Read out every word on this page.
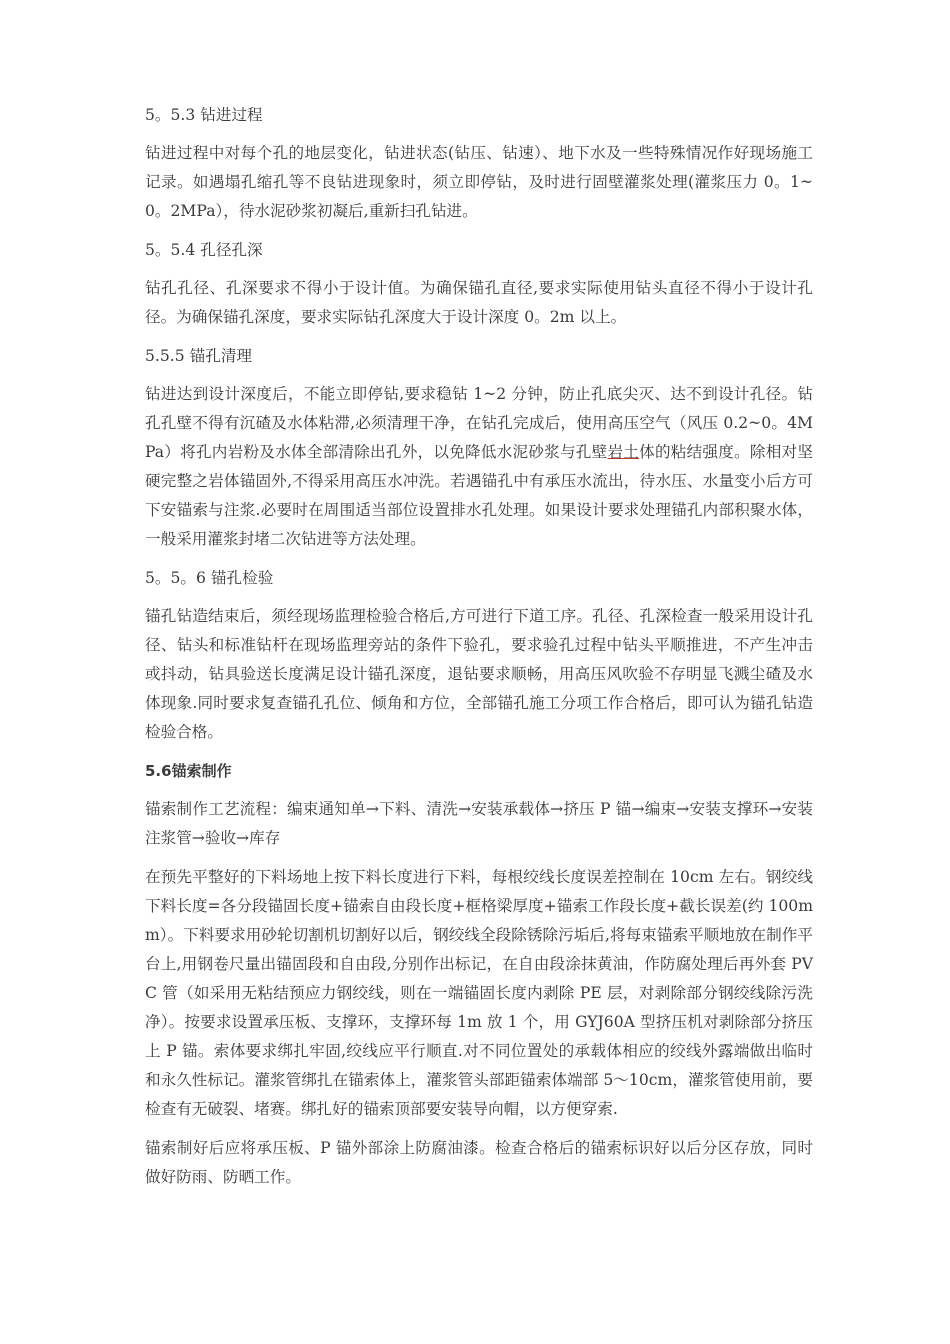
5。5.3 钻进过程

钻进过程中对每个孔的地层变化，钻进状态(钻压、钻速）、地下水及一些特殊情况作好现场施工记录。如遇塌孔缩孔等不良钻进现象时，须立即停钻，及时进行固壁灌浆处理(灌浆压力 0。1~0。2MPa），待水泥砂浆初凝后,重新扫孔钻进。

5。5.4 孔径孔深

钻孔孔径、孔深要求不得小于设计值。为确保锚孔直径,要求实际使用钻头直径不得小于设计孔径。为确保锚孔深度，要求实际钻孔深度大于设计深度 0。2m 以上。

5.5.5 锚孔清理

钻进达到设计深度后，不能立即停钻,要求稳钻 1~2 分钟，防止孔底尖灭、达不到设计孔径。钻孔孔壁不得有沉碴及水体粘滞,必须清理干净，在钻孔完成后，使用高压空气（风压 0.2~0。4MPa）将孔内岩粉及水体全部清除出孔外，以免降低水泥砂浆与孔壁岩土体的粘结强度。除相对坚硬完整之岩体锚固外,不得采用高压水冲洗。若遇锚孔中有承压水流出，待水压、水量变小后方可下安锚索与注浆.必要时在周围适当部位设置排水孔处理。如果设计要求处理锚孔内部积聚水体，一般采用灌浆封堵二次钻进等方法处理。

5。5。6 锚孔检验

锚孔钻造结束后，须经现场监理检验合格后,方可进行下道工序。孔径、孔深检查一般采用设计孔径、钻头和标准钻杆在现场监理旁站的条件下验孔，要求验孔过程中钻头平顺推进，不产生冲击或抖动，钻具验送长度满足设计锚孔深度，退钻要求顺畅，用高压风吹验不存明显飞溅尘碴及水体现象.同时要求复查锚孔孔位、倾角和方位，全部锚孔施工分项工作合格后，即可认为锚孔钻造检验合格。

5.6锚索制作

锚索制作工艺流程：编束通知单→下料、清洗→安装承载体→挤压 P 锚→编束→安装支撑环→安装注浆管→验收→库存

在预先平整好的下料场地上按下料长度进行下料，每根绞线长度误差控制在 10cm 左右。钢绞线下料长度=各分段锚固长度+锚索自由段长度+框格梁厚度+锚索工作段长度+截长误差(约 100mm）。下料要求用砂轮切割机切割好以后，钢绞线全段除锈除污垢后,将每束锚索平顺地放在制作平台上,用钢卷尺量出锚固段和自由段,分别作出标记，在自由段涂抹黄油，作防腐处理后再外套 PVC 管（如采用无粘结预应力钢绞线，则在一端锚固长度内剥除 PE 层，对剥除部分钢绞线除污洗净）。按要求设置承压板、支撑环，支撑环每 1m 放 1 个，用 GYJ60A 型挤压机对剥除部分挤压上 P 锚。索体要求绑扎牢固,绞线应平行顺直.对不同位置处的承载体相应的绞线外露端做出临时和永久性标记。灌浆管绑扎在锚索体上，灌浆管头部距锚索体端部 5～10cm，灌浆管使用前，要检查有无破裂、堵赛。绑扎好的锚索顶部要安装导向帽，以方便穿索.

锚索制好后应将承压板、P 锚外部涂上防腐油漆。检查合格后的锚索标识好以后分区存放，同时做好防雨、防晒工作。
